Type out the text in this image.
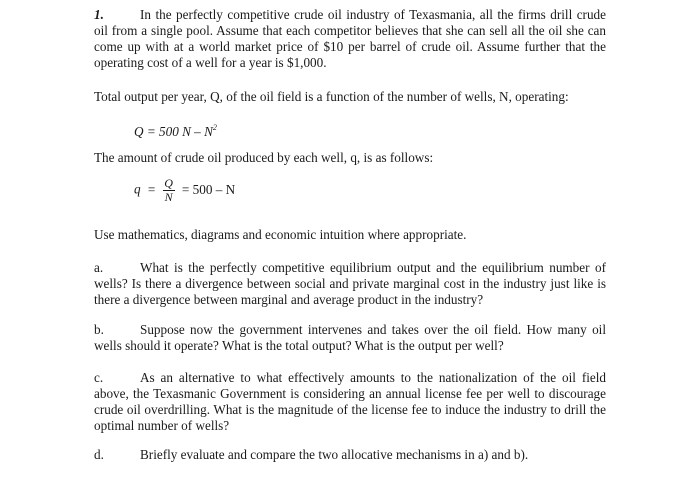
1.	In the perfectly competitive crude oil industry of Texasmania, all the firms drill crude oil from a single pool. Assume that each competitor believes that she can sell all the oil she can come up with at a world market price of $10 per barrel of crude oil. Assume further that the operating cost of a well for a year is $1,000.

Total output per year, Q, of the oil field is a function of the number of wells, N, operating:

Q = 500 N – $N^2$

The amount of crude oil produced by each well, q, is as follows:

$q = \frac{Q}{N} = 500 - N$

Use mathematics, diagrams and economic intuition where appropriate.

a.	What is the perfectly competitive equilibrium output and the equilibrium number of wells? Is there a divergence between social and private marginal cost in the industry just like is there a divergence between marginal and average product in the industry?

b.	Suppose now the government intervenes and takes over the oil field. How many oil wells should it operate? What is the total output? What is the output per well?

c.	As an alternative to what effectively amounts to the nationalization of the oil field above, the Texasmanic Government is considering an annual license fee per well to discourage crude oil overdrilling. What is the magnitude of the license fee to induce the industry to drill the optimal number of wells?

d.	Briefly evaluate and compare the two allocative mechanisms in a) and b).
